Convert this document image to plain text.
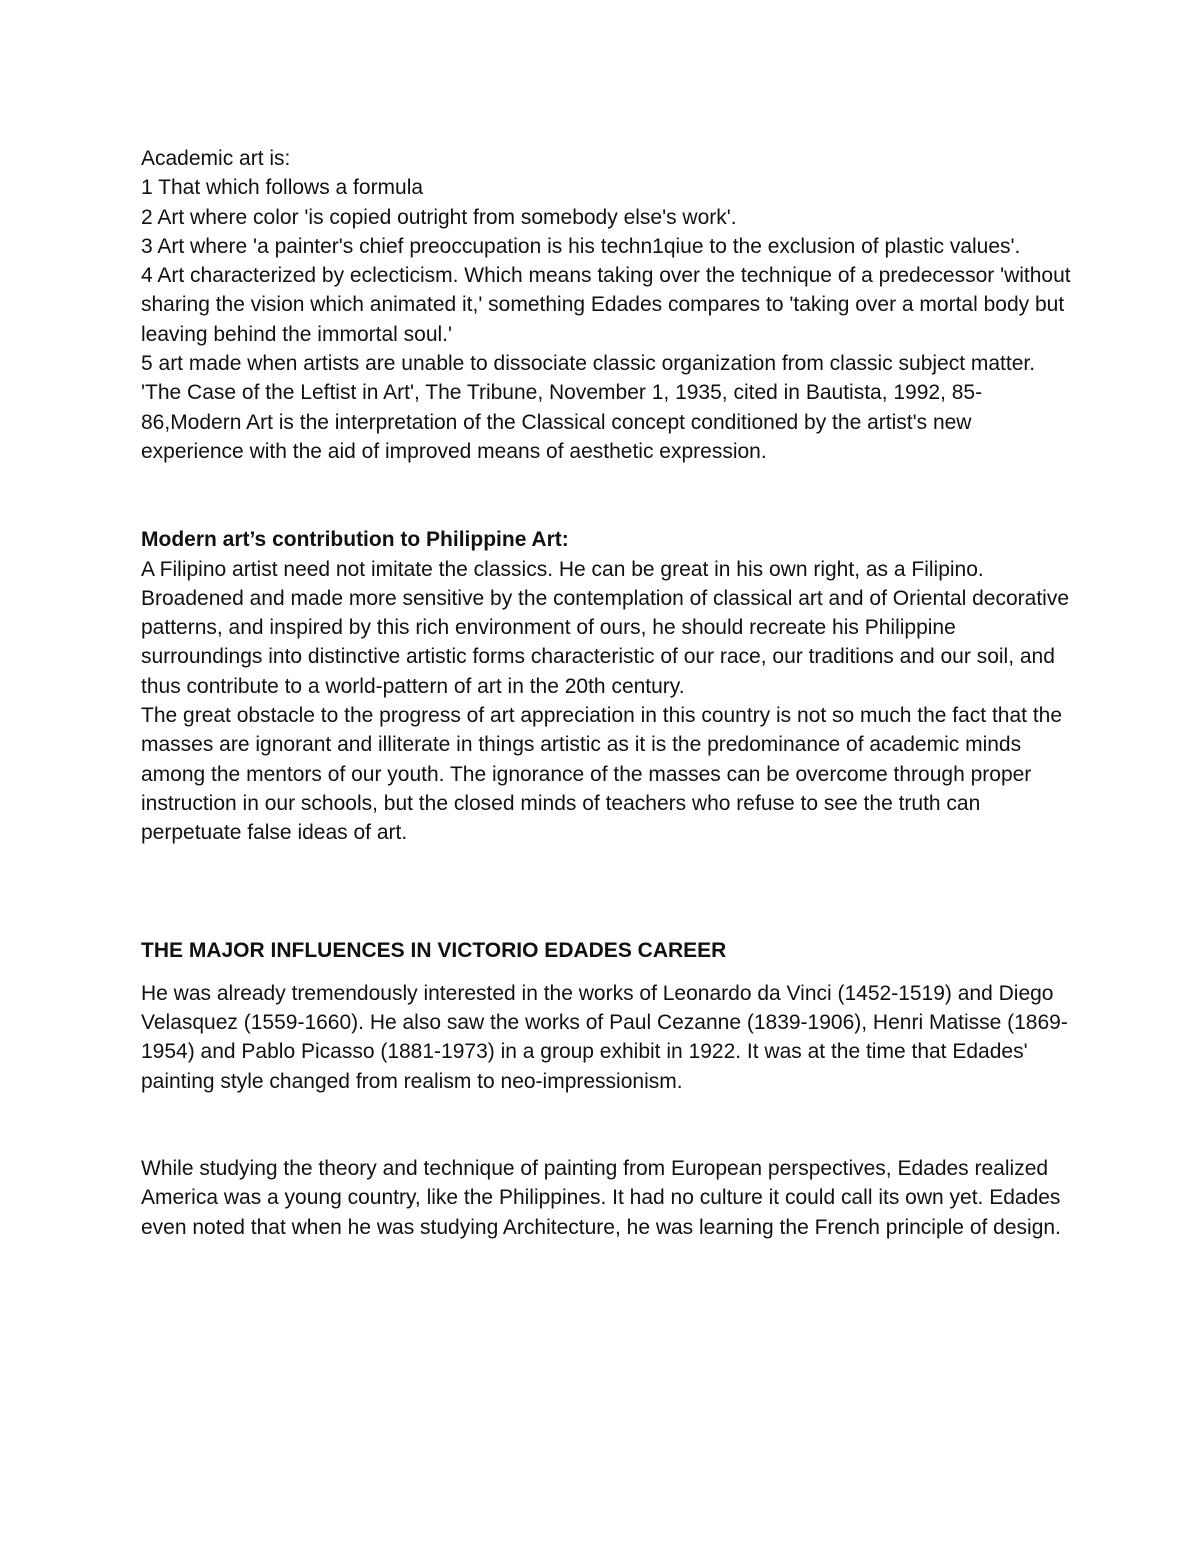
Academic art is:

1 That which follows a formula

2 Art where color 'is copied outright from somebody else's work'.

3 Art where 'a painter's chief preoccupation is his techn1qiue to the exclusion of plastic values'.

4 Art characterized by eclecticism. Which means taking over the technique of a predecessor 'without sharing the vision which animated it,' something Edades compares to 'taking over a mortal body but leaving behind the immortal soul.'

5 art made when artists are unable to dissociate classic organization from classic subject matter. 'The Case of the Leftist in Art', The Tribune, November 1, 1935, cited in Bautista, 1992, 85-86,Modern Art is the interpretation of the Classical concept conditioned by the artist's new experience with the aid of improved means of aesthetic expression.

Modern art’s contribution to Philippine Art:

A Filipino artist need not imitate the classics. He can be great in his own right, as a Filipino. Broadened and made more sensitive by the contemplation of classical art and of Oriental decorative patterns, and inspired by this rich environment of ours, he should recreate his Philippine surroundings into distinctive artistic forms characteristic of our race, our traditions and our soil, and thus contribute to a world-pattern of art in the 20th century.

The great obstacle to the progress of art appreciation in this country is not so much the fact that the masses are ignorant and illiterate in things artistic as it is the predominance of academic minds among the mentors of our youth. The ignorance of the masses can be overcome through proper instruction in our schools, but the closed minds of teachers who refuse to see the truth can perpetuate false ideas of art.

THE MAJOR INFLUENCES IN VICTORIO EDADES CAREER

He was already tremendously interested in the works of Leonardo da Vinci (1452-1519) and Diego Velasquez (1559-1660). He also saw the works of Paul Cezanne (1839-1906), Henri Matisse (1869-1954) and Pablo Picasso (1881-1973) in a group exhibit in 1922. It was at the time that Edades' painting style changed from realism to neo-impressionism.

While studying the theory and technique of painting from European perspectives, Edades realized America was a young country, like the Philippines. It had no culture it could call its own yet. Edades even noted that when he was studying Architecture, he was learning the French principle of design.
